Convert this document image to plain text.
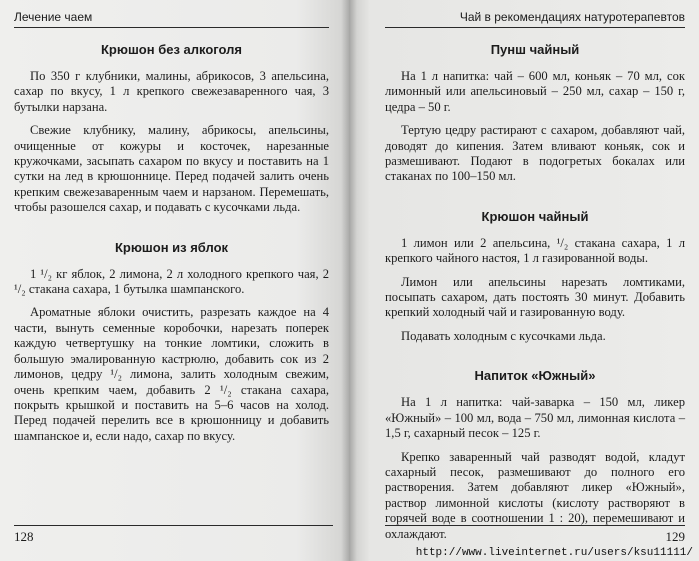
Лечение чаем
Крюшон без алкоголя

По 350 г клубники, малины, абрикосов, 3 апельсина, сахар по вкусу, 1 л крепкого свежезаваренного чая, 3 бутылки нарзана.

Свежие клубнику, малину, абрикосы, апельсины, очищенные от кожуры и косточек, нарезанные кружочками, засыпать сахаром по вкусу и поставить на 1 сутки на лед в крюшоннице. Перед подачей залить очень крепким свежезаваренным чаем и нарзаном. Перемешать, чтобы разошелся сахар, и подавать с кусочками льда.

Крюшон из яблок

1 ¹/₂ кг яблок, 2 лимона, 2 л холодного крепкого чая, 2 ¹/₂ стакана сахара, 1 бутылка шампанского.

Ароматные яблоки очистить, разрезать каждое на 4 части, вынуть семенные коробочки, нарезать поперек каждую четвертушку на тонкие ломтики, сложить в большую эмалированную кастрюлю, добавить сок из 2 лимонов, цедру ¹/₂ лимона, залить холодным свежим, очень крепким чаем, добавить 2 ¹/₂ стакана сахара, покрыть крышкой и поставить на 5–6 часов на холод. Перед подачей перелить все в крюшонницу и добавить шампанское и, если надо, сахар по вкусу.

128
Чай в рекомендациях натуротерапевтов
Пунш чайный

На 1 л напитка: чай – 600 мл, коньяк – 70 мл, сок лимонный или апельсиновый – 250 мл, сахар – 150 г, цедра – 50 г.

Тертую цедру растирают с сахаром, добавляют чай, доводят до кипения. Затем вливают коньяк, сок и размешивают. Подают в подогретых бокалах или стаканах по 100–150 мл.

Крюшон чайный

1 лимон или 2 апельсина, ¹/₂ стакана сахара, 1 л крепкого чайного настоя, 1 л газированной воды.

Лимон или апельсины нарезать ломтиками, посыпать сахаром, дать постоять 30 минут. Добавить крепкий холодный чай и газированную воду.

Подавать холодным с кусочками льда.

Напиток «Южный»

На 1 л напитка: чай-заварка – 150 мл, ликер «Южный» – 100 мл, вода – 750 мл, лимонная кислота – 1,5 г, сахарный песок – 125 г.

Крепко заваренный чай разводят водой, кладут сахарный песок, размешивают до полного его растворения. Затем добавляют ликер «Южный», раствор лимонной кислоты (кислоту растворяют в горячей воде в соотношении 1 : 20), перемешивают и охлаждают.	129
http://www.liveinternet.ru/users/ksu11111/
